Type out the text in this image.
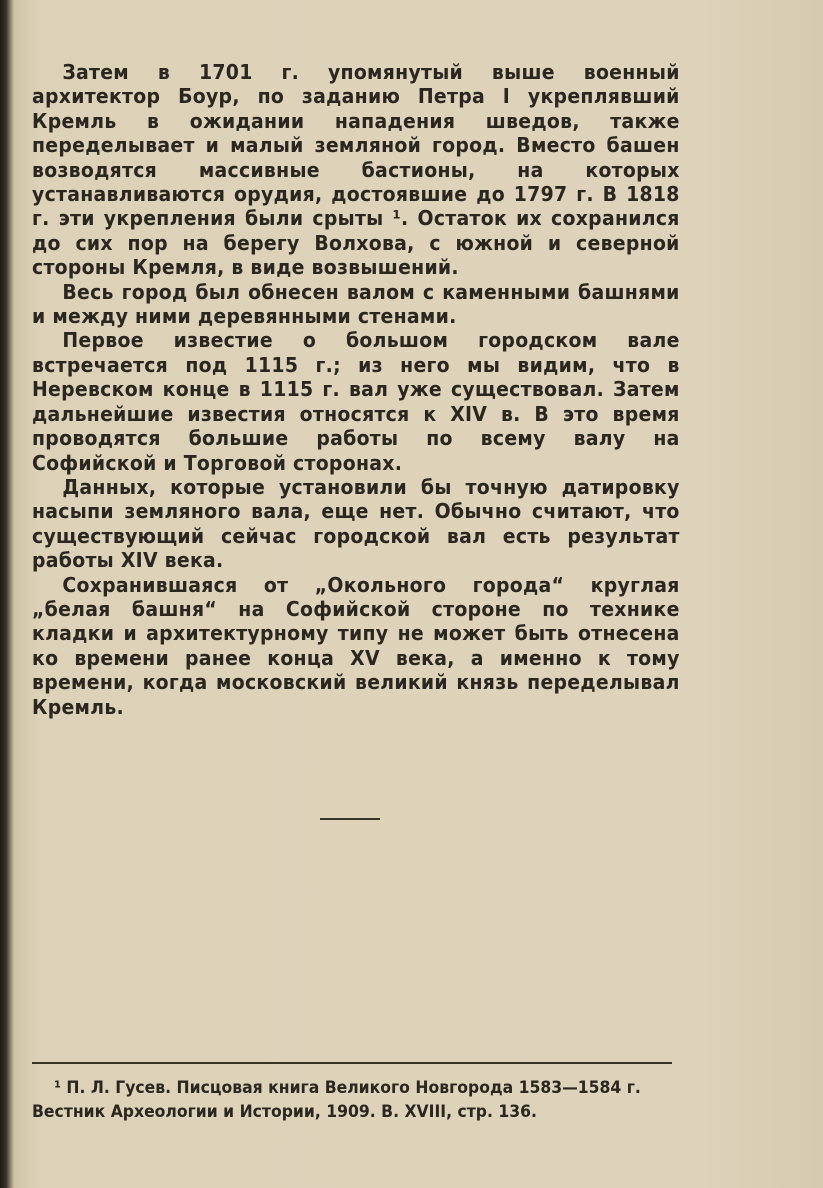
Затем в 1701 г. упомянутый выше военный архитектор Боур, по заданию Петра I укреплявший Кремль в ожидании нападения шведов, также переделывает и малый земляной город. Вместо башен возводятся массивные бастионы, на которых устанавливаются орудия, достоявшие до 1797 г. В 1818 г. эти укрепления были срыты ¹. Остаток их сохранился до сих пор на берегу Волхова, с южной и северной стороны Кремля, в виде возвышений.

Весь город был обнесен валом с каменными башнями и между ними деревянными стенами.

Первое известие о большом городском вале встречается под 1115 г.; из него мы видим, что в Неревском конце в 1115 г. вал уже существовал. Затем дальнейшие известия относятся к XIV в. В это время проводятся большие работы по всему валу на Софийской и Торговой сторонах.

Данных, которые установили бы точную датировку насыпи земляного вала, еще нет. Обычно считают, что существующий сейчас городской вал есть результат работы XIV века.

Сохранившаяся от „Окольного города“ круглая „белая башня“ на Софийской стороне по технике кладки и архитектурному типу не может быть отнесена ко времени ранее конца XV века, а именно к тому времени, когда московский великий князь переделывал Кремль.

¹ П. Л. Гусев. Писцовая книга Великого Новгорода 1583—1584 г.

Вестник Археологии и Истории, 1909. В. XVIII, стр. 136.
